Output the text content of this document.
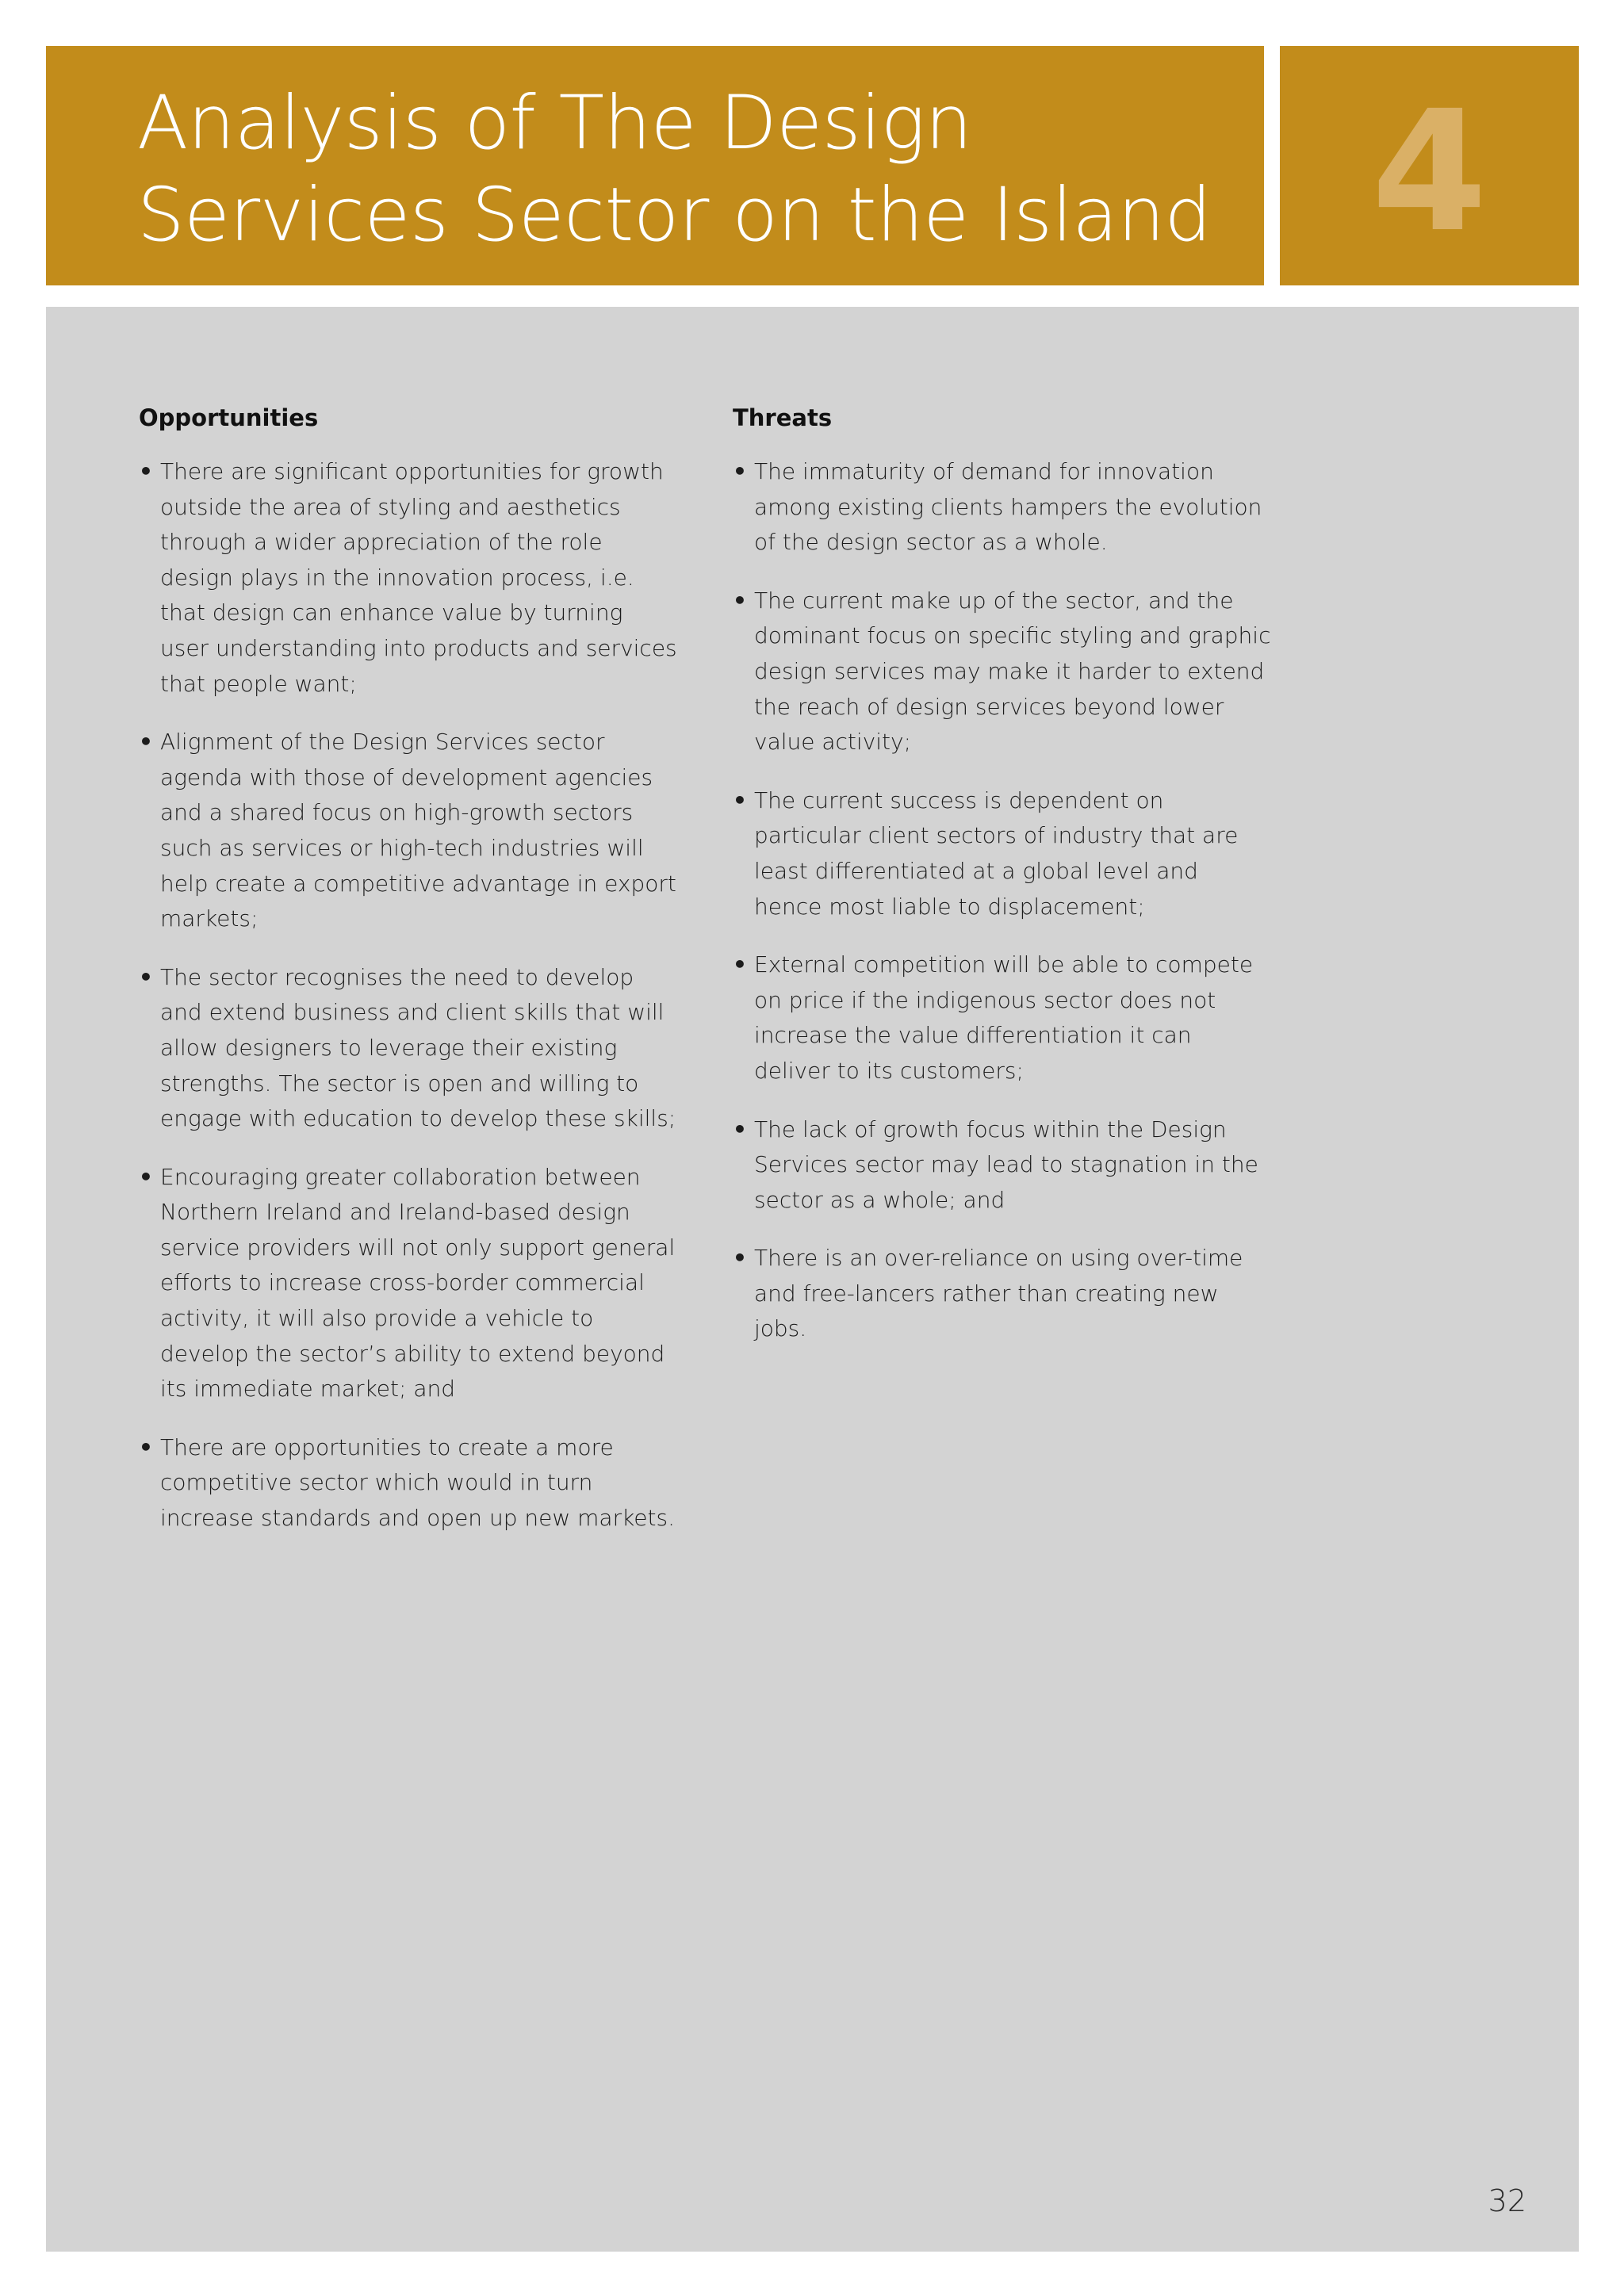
Analysis of The Design
Services Sector on the Island 4
Opportunities
• There are significant opportunities for growth outside the area of styling and aesthetics through a wider appreciation of the role design plays in the innovation process, i.e. that design can enhance value by turning user understanding into products and services that people want;
• Alignment of the Design Services sector agenda with those of development agencies and a shared focus on high-growth sectors such as services or high-tech industries will help create a competitive advantage in export markets;
• The sector recognises the need to develop and extend business and client skills that will allow designers to leverage their existing strengths. The sector is open and willing to engage with education to develop these skills;
• Encouraging greater collaboration between Northern Ireland and Ireland-based design service providers will not only support general efforts to increase cross-border commercial activity, it will also provide a vehicle to develop the sector’s ability to extend beyond its immediate market; and
• There are opportunities to create a more competitive sector which would in turn increase standards and open up new markets.
Threats
• The immaturity of demand for innovation among existing clients hampers the evolution of the design sector as a whole.
• The current make up of the sector, and the dominant focus on specific styling and graphic design services may make it harder to extend the reach of design services beyond lower value activity;
• The current success is dependent on particular client sectors of industry that are least differentiated at a global level and hence most liable to displacement;
• External competition will be able to compete on price if the indigenous sector does not increase the value differentiation it can deliver to its customers;
• The lack of growth focus within the Design Services sector may lead to stagnation in the sector as a whole; and
• There is an over-reliance on using over-time and free-lancers rather than creating new jobs.
32
